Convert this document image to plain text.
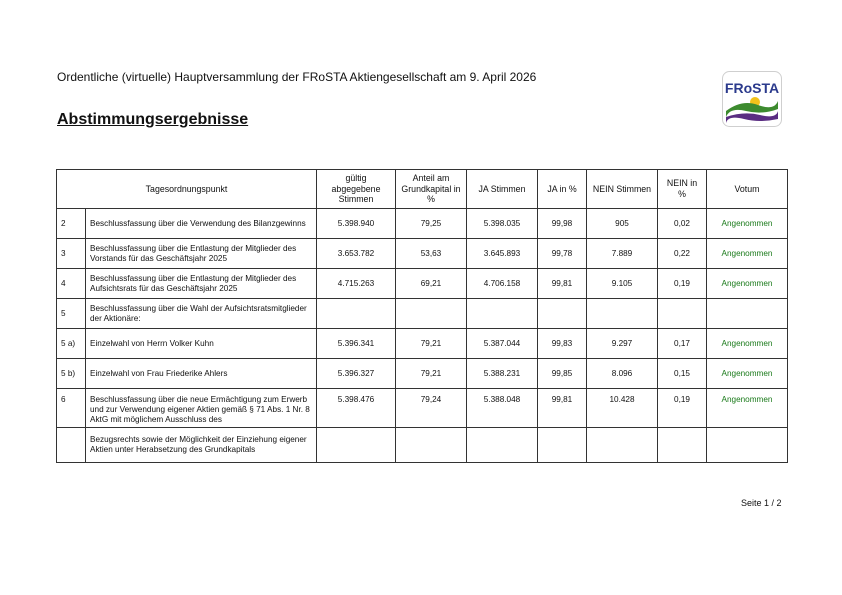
Ordentliche (virtuelle) Hauptversammlung der FRoSTA Aktiengesellschaft am 9. April 2026
Abstimmungsergebnisse
FRoSTA
Tagesordnungspunkt		gültig abgegebene Stimmen	Anteil am Grundkapital in %	JA Stimmen	JA in %	NEIN Stimmen	NEIN in %	Votum
2	Beschlussfassung über die Verwendung des Bilanzgewinns	5.398.940	79,25	5.398.035	99,98	905	0,02	Angenommen
3	Beschlussfassung über die Entlastung der Mitglieder des Vorstands für das Geschäftsjahr 2025	3.653.782	53,63	3.645.893	99,78	7.889	0,22	Angenommen
4	Beschlussfassung über die Entlastung der Mitglieder des Aufsichtsrats für das Geschäftsjahr 2025	4.715.263	69,21	4.706.158	99,81	9.105	0,19	Angenommen
5	Beschlussfassung über die Wahl der Aufsichtsratsmitglieder der Aktionäre:							
5 a)	Einzelwahl von Herrn Volker Kuhn	5.396.341	79,21	5.387.044	99,83	9.297	0,17	Angenommen
5 b)	Einzelwahl von Frau Friederike Ahlers	5.396.327	79,21	5.388.231	99,85	8.096	0,15	Angenommen
6	Beschlussfassung über die neue Ermächtigung zum Erwerb und zur Verwendung eigener Aktien gemäß § 71 Abs. 1 Nr. 8 AktG mit möglichem Ausschluss des	5.398.476	79,24	5.388.048	99,81	10.428	0,19	Angenommen
	Bezugsrechts sowie der Möglichkeit der Einziehung eigener Aktien unter Herabsetzung des Grundkapitals							
Seite 1 / 2
